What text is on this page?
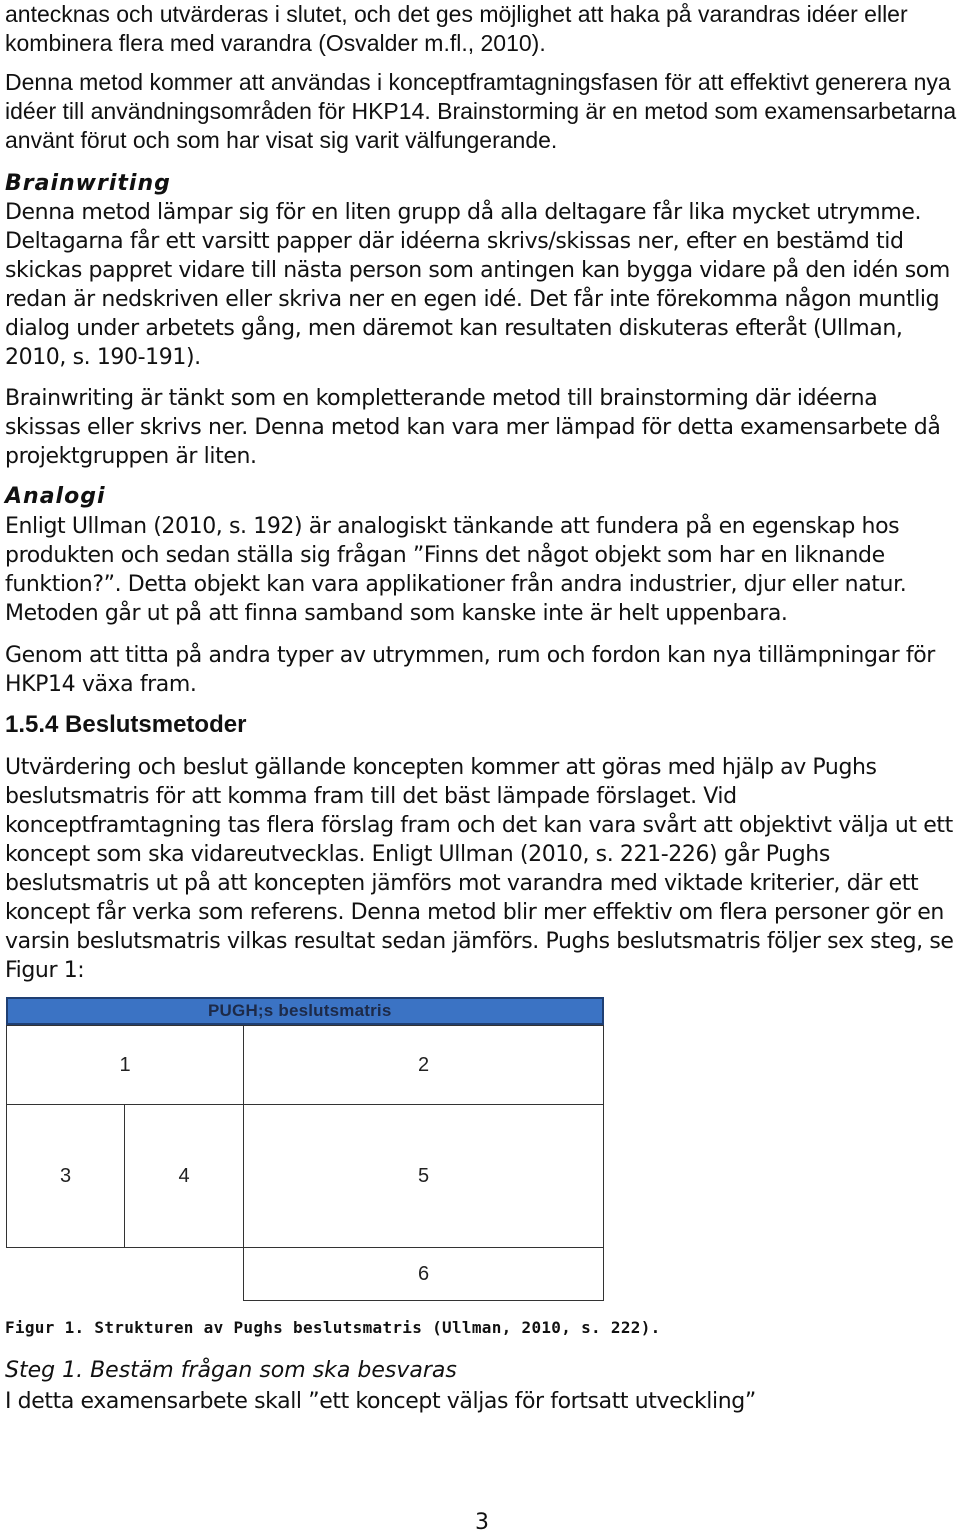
antecknas och utvärderas i slutet, och det ges möjlighet att haka på varandras idéer eller kombinera flera med varandra (Osvalder m.fl., 2010).

Denna metod kommer att användas i konceptframtagningsfasen för att effektivt generera nya idéer till användningsområden för HKP14. Brainstorming är en metod som examensarbetarna använt förut och som har visat sig varit välfungerande.

Brainwriting

Denna metod lämpar sig för en liten grupp då alla deltagare får lika mycket utrymme. Deltagarna får ett varsitt papper där idéerna skrivs/skissas ner, efter en bestämd tid skickas pappret vidare till nästa person som antingen kan bygga vidare på den idén som redan är nedskriven eller skriva ner en egen idé. Det får inte förekomma någon muntlig dialog under arbetets gång, men däremot kan resultaten diskuteras efteråt (Ullman, 2010, s. 190-191).

Brainwriting är tänkt som en kompletterande metod till brainstorming där idéerna skissas eller skrivs ner. Denna metod kan vara mer lämpad för detta examensarbete då projektgruppen är liten.

Analogi

Enligt Ullman (2010, s. 192) är analogiskt tänkande att fundera på en egenskap hos produkten och sedan ställa sig frågan ”Finns det något objekt som har en liknande funktion?”. Detta objekt kan vara applikationer från andra industrier, djur eller natur. Metoden går ut på att finna samband som kanske inte är helt uppenbara.

Genom att titta på andra typer av utrymmen, rum och fordon kan nya tillämpningar för HKP14 växa fram.

1.5.4 Beslutsmetoder

Utvärdering och beslut gällande koncepten kommer att göras med hjälp av Pughs beslutsmatris för att komma fram till det bäst lämpade förslaget. Vid konceptframtagning tas flera förslag fram och det kan vara svårt att objektivt välja ut ett koncept som ska vidareutvecklas. Enligt Ullman (2010, s. 221-226) går Pughs beslutsmatris ut på att koncepten jämförs mot varandra med viktade kriterier, där ett koncept får verka som referens. Denna metod blir mer effektiv om flera personer gör en varsin beslutsmatris vilkas resultat sedan jämförs. Pughs beslutsmatris följer sex steg, se Figur 1:

PUGH;s beslutsmatris
1	2
3	4	5
6

Figur 1. Strukturen av Pughs beslutsmatris (Ullman, 2010, s. 222).

Steg 1. Bestäm frågan som ska besvaras

I detta examensarbete skall ”ett koncept väljas för fortsatt utveckling”

3
